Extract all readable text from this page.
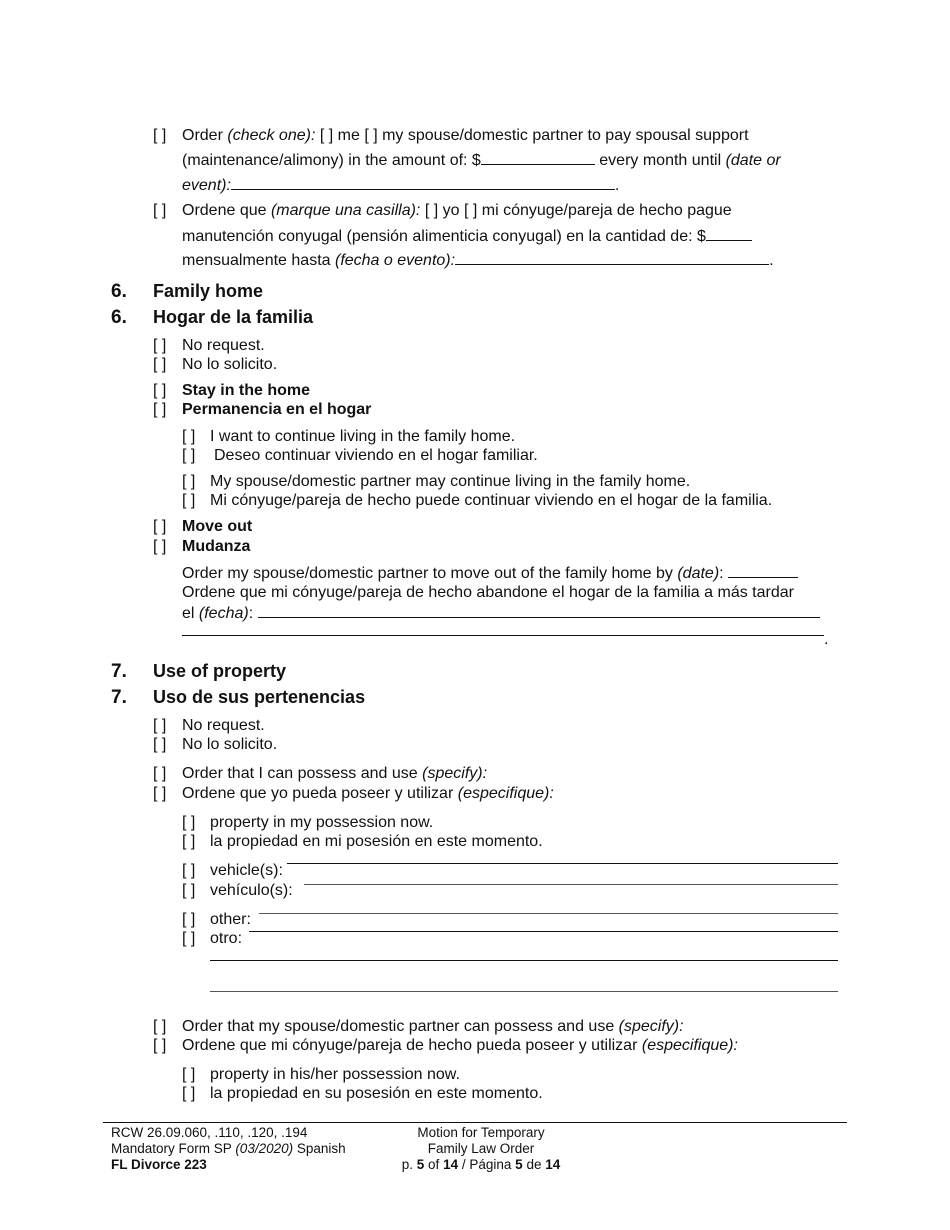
[ ] Order (check one): [ ] me [ ] my spouse/domestic partner to pay spousal support
(maintenance/alimony) in the amount of: $	every month until (date or
event):	.
[ ] Ordene que (marque una casilla): [ ] yo [ ] mi cónyuge/pareja de hecho pague
manutención conyugal (pensión alimenticia conyugal) en la cantidad de: $
mensualmente hasta (fecha o evento):	.
6. Family home
6. Hogar de la familia
[ ] No request.
[ ] No lo solicito.
[ ] Stay in the home
[ ] Permanencia en el hogar
[ ] I want to continue living in the family home.
[ ] Deseo continuar viviendo en el hogar familiar.
[ ] My spouse/domestic partner may continue living in the family home.
[ ] Mi cónyuge/pareja de hecho puede continuar viviendo en el hogar de la familia.
[ ] Move out
[ ] Mudanza
Order my spouse/domestic partner to move out of the family home by (date):
Ordene que mi cónyuge/pareja de hecho abandone el hogar de la familia a más tardar
el (fecha):
.
7. Use of property
7. Uso de sus pertenencias
[ ] No request.
[ ] No lo solicito.
[ ] Order that I can possess and use (specify):
[ ] Ordene que yo pueda poseer y utilizar (especifique):
[ ] property in my possession now.
[ ] la propiedad en mi posesión en este momento.
[ ] vehicle(s):
[ ] vehículo(s):
[ ] other:
[ ] otro:
[ ] Order that my spouse/domestic partner can possess and use (specify):
[ ] Ordene que mi cónyuge/pareja de hecho pueda poseer y utilizar (especifique):
[ ] property in his/her possession now.
[ ] la propiedad en su posesión en este momento.
RCW 26.09.060, .110, .120, .194
Mandatory Form SP (03/2020) Spanish
FL Divorce 223
Motion for Temporary
Family Law Order
p. 5 of 14 / Página 5 de 14
